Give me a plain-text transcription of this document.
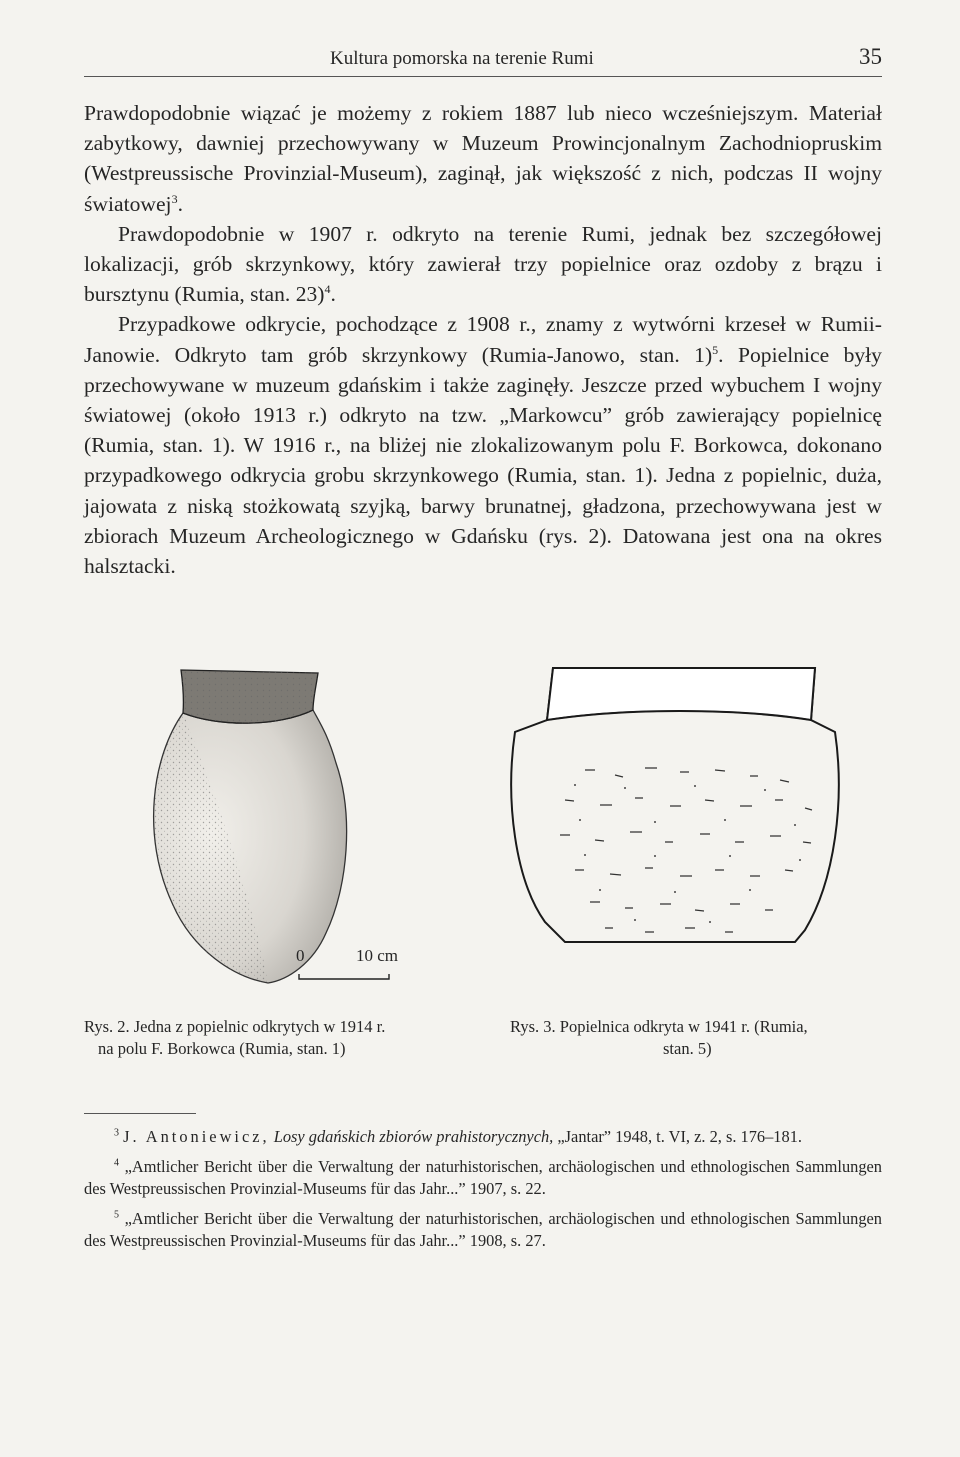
Kultura pomorska na terenie Rumi	35

Prawdopodobnie wiązać je możemy z rokiem 1887 lub nieco wcześniejszym. Materiał zabytkowy, dawniej przechowywany w Muzeum Prowincjonalnym Zachodniopruskim (Westpreussische Provinzial-Museum), zaginął, jak większość z nich, podczas II wojny światowej$^3$.

Prawdopodobnie w 1907 r. odkryto na terenie Rumi, jednak bez szczegółowej lokalizacji, grób skrzynkowy, który zawierał trzy popielnice oraz ozdoby z brązu i bursztynu (Rumia, stan. 23)$^4$.

Przypadkowe odkrycie, pochodzące z 1908 r., znamy z wytwórni krzeseł w Rumii-Janowie. Odkryto tam grób skrzynkowy (Rumia-Janowo, stan. 1)$^5$. Popielnice były przechowywane w muzeum gdańskim i także zaginęły. Jeszcze przed wybuchem I wojny światowej (około 1913 r.) odkryto na tzw. „Markowcu” grób zawierający popielnicę (Rumia, stan. 1). W 1916 r., na bliżej nie zlokalizowanym polu F. Borkowca, dokonano przypadkowego odkrycia grobu skrzynkowego (Rumia, stan. 1). Jedna z popielnic, duża, jajowata z niską stożkowatą szyjką, barwy brunatnej, gładzona, przechowywana jest w zbiorach Muzeum Archeologicznego w Gdańsku (rys. 2). Datowana jest ona na okres halsztacki.

0	10 cm
Rys. 2. Jedna z popielnic odkrytych w 1914 r.
na polu F. Borkowca (Rumia, stan. 1)
Rys. 3. Popielnica odkryta w 1941 r. (Rumia,
stan. 5)

$^3$ J. Antoniewicz, Losy gdańskich zbiorów prahistorycznych, „Jantar” 1948, t. VI, z. 2, s. 176–181.

$^4$ „Amtlicher Bericht über die Verwaltung der naturhistorischen, archäologischen und ethnologischen Sammlungen des Westpreussischen Provinzial-Museums für das Jahr...” 1907, s. 22.

$^5$ „Amtlicher Bericht über die Verwaltung der naturhistorischen, archäologischen und ethnologischen Sammlungen des Westpreussischen Provinzial-Museums für das Jahr...” 1908, s. 27.
